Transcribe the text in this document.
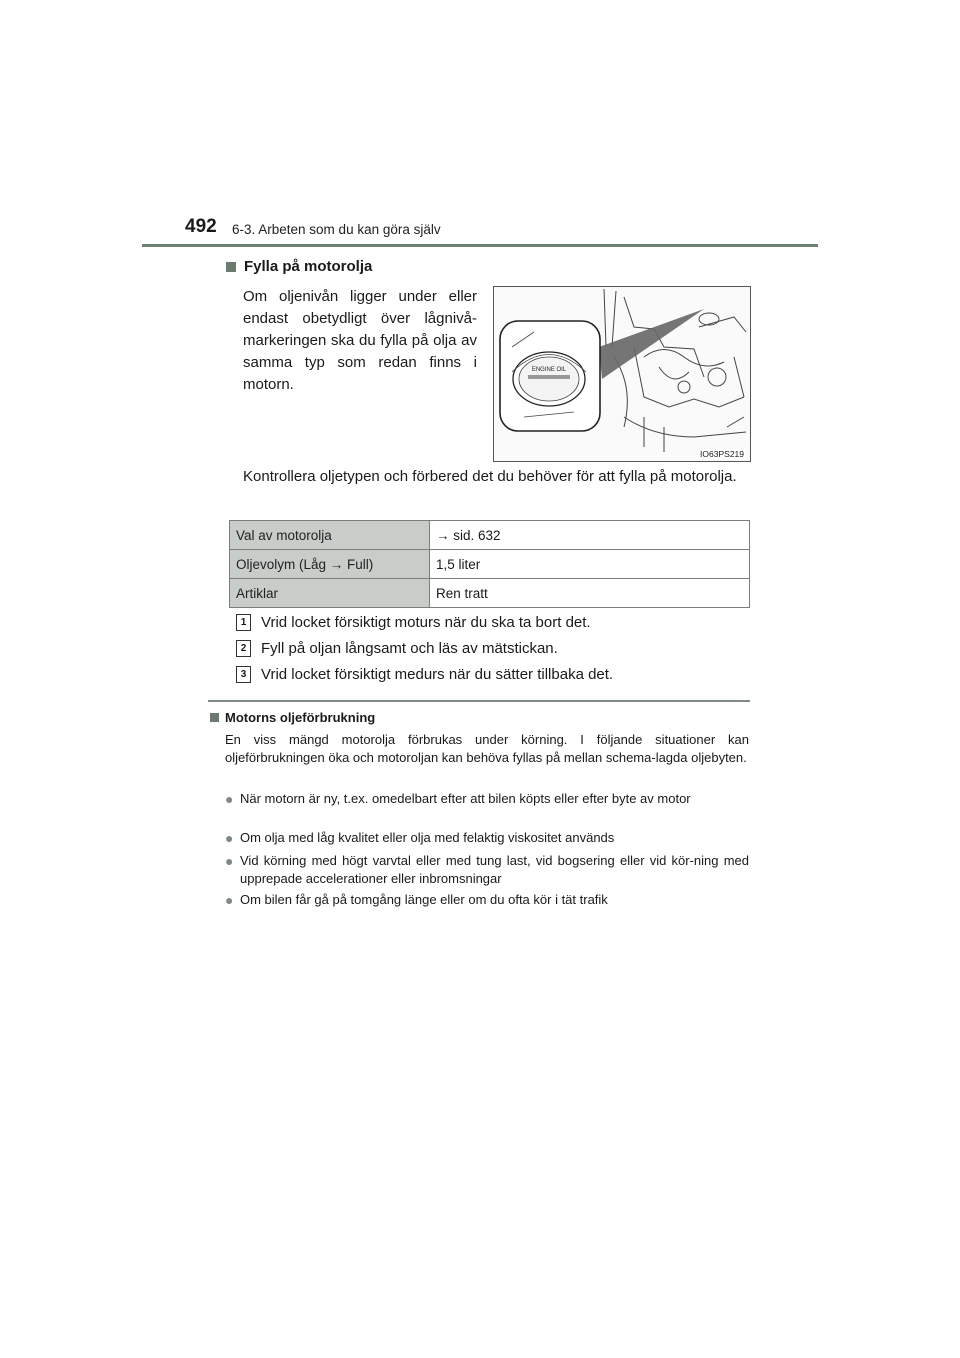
492 6-3. Arbeten som du kan göra själv
Fylla på motorolja
Om oljenivån ligger under eller endast obetydligt över lågnivå-markeringen ska du fylla på olja av samma typ som redan finns i motorn.
ENGINE OIL
IO63PS219
Kontrollera oljetypen och förbered det du behöver för att fylla på motorolja.
Val av motorolja	→ sid. 632
Oljevolym (Låg → Full)	1,5 liter
Artiklar	Ren tratt
1 Vrid locket försiktigt moturs när du ska ta bort det.
2 Fyll på oljan långsamt och läs av mätstickan.
3 Vrid locket försiktigt medurs när du sätter tillbaka det.
Motorns oljeförbrukning
En viss mängd motorolja förbrukas under körning. I följande situationer kan oljeförbrukningen öka och motoroljan kan behöva fyllas på mellan schema-lagda oljebyten.
● När motorn är ny, t.ex. omedelbart efter att bilen köpts eller efter byte av motor
● Om olja med låg kvalitet eller olja med felaktig viskositet används
● Vid körning med högt varvtal eller med tung last, vid bogsering eller vid kör-ning med upprepade accelerationer eller inbromsningar
● Om bilen får gå på tomgång länge eller om du ofta kör i tät trafik
